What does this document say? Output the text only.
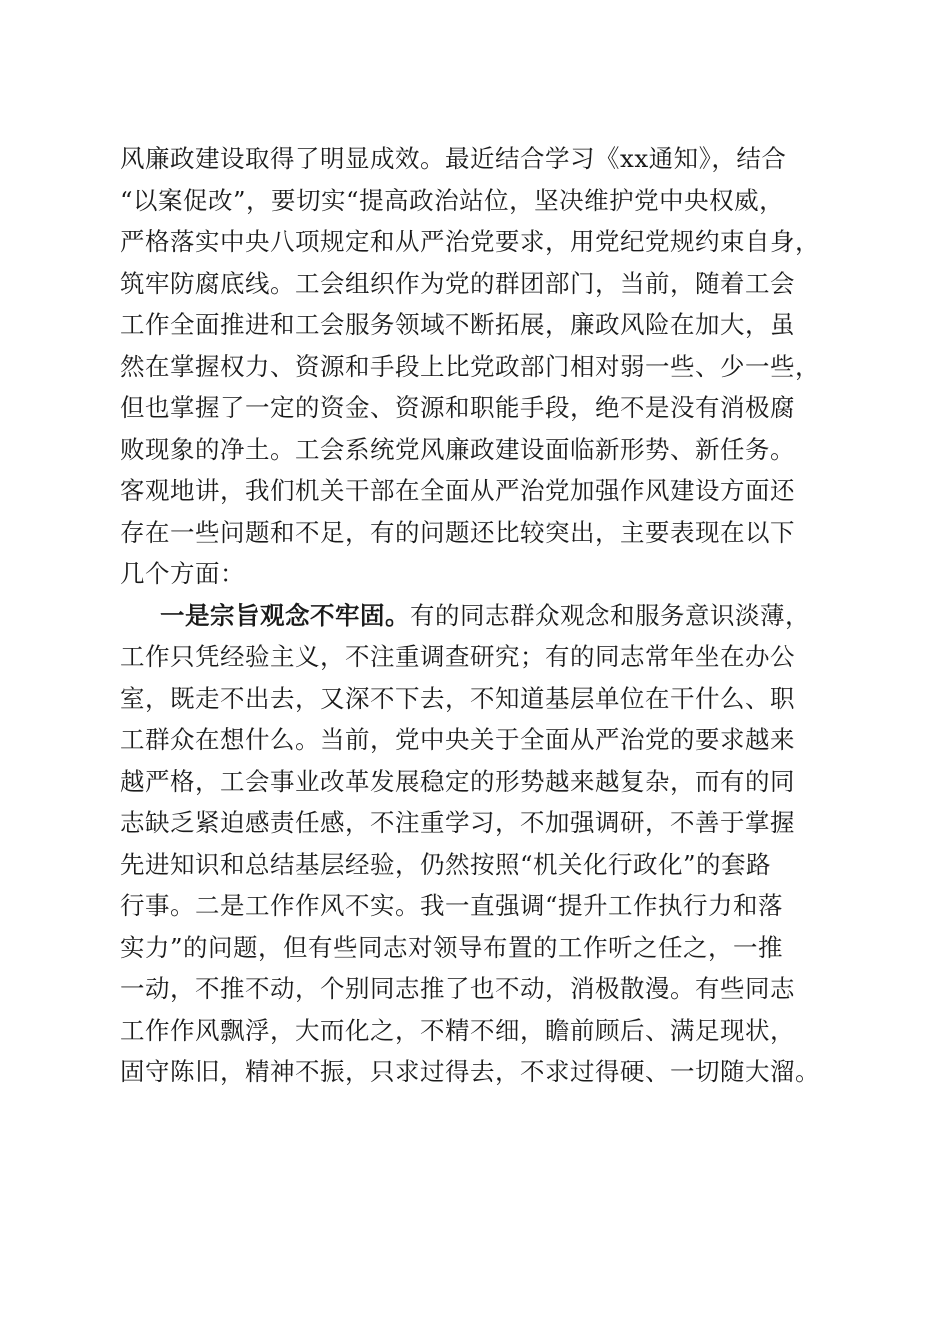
风廉政建设取得了明显成效。最近结合学习《xx通知》，结合
“以案促改”，要切实“提高政治站位，坚决维护党中央权威，
严格落实中央八项规定和从严治党要求，用党纪党规约束自身，
筑牢防腐底线。工会组织作为党的群团部门，当前，随着工会
工作全面推进和工会服务领域不断拓展，廉政风险在加大，虽
然在掌握权力、资源和手段上比党政部门相对弱一些、少一些，
但也掌握了一定的资金、资源和职能手段，绝不是没有消极腐
败现象的净土。工会系统党风廉政建设面临新形势、新任务。
客观地讲，我们机关干部在全面从严治党加强作风建设方面还
存在一些问题和不足，有的问题还比较突出，主要表现在以下
几个方面：
一是宗旨观念不牢固。有的同志群众观念和服务意识淡薄，
工作只凭经验主义，不注重调查研究；有的同志常年坐在办公
室，既走不出去，又深不下去，不知道基层单位在干什么、职
工群众在想什么。当前，党中央关于全面从严治党的要求越来
越严格，工会事业改革发展稳定的形势越来越复杂，而有的同
志缺乏紧迫感责任感，不注重学习，不加强调研，不善于掌握
先进知识和总结基层经验，仍然按照“机关化行政化”的套路
行事。二是工作作风不实。我一直强调“提升工作执行力和落
实力”的问题，但有些同志对领导布置的工作听之任之，一推
一动，不推不动，个别同志推了也不动，消极散漫。有些同志
工作作风飘浮，大而化之，不精不细，瞻前顾后、满足现状，
固守陈旧，精神不振，只求过得去，不求过得硬、一切随大溜。
